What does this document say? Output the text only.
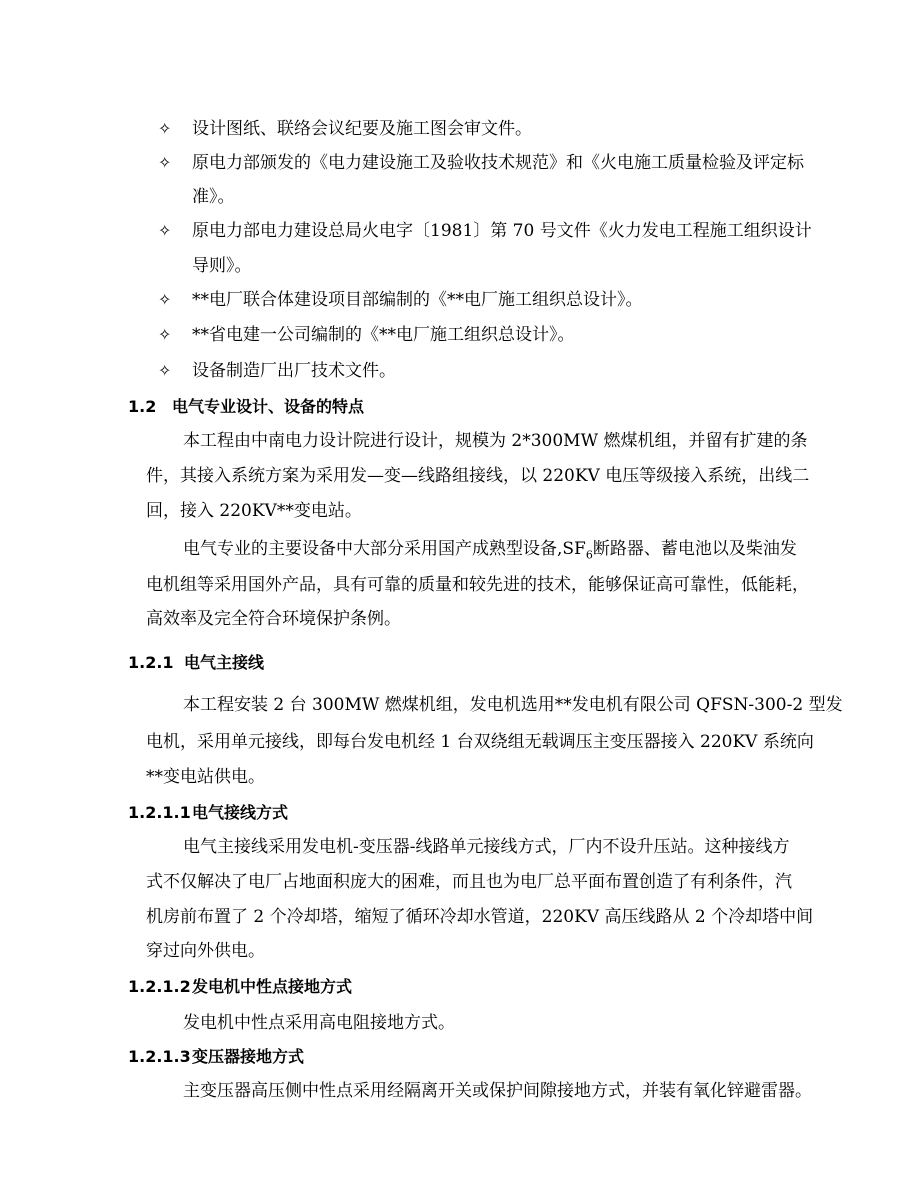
✧ 设计图纸、联络会议纪要及施工图会审文件。
✧ 原电力部颁发的《电力建设施工及验收技术规范》和《火电施工质量检验及评定标
准》。
✧ 原电力部电力建设总局火电字〔1981〕第 70 号文件《火力发电工程施工组织设计
导则》。
✧ **电厂联合体建设项目部编制的《**电厂施工组织总设计》。
✧ **省电建一公司编制的《**电厂施工组织总设计》。
✧ 设备制造厂出厂技术文件。
1.2 电气专业设计、设备的特点
本工程由中南电力设计院进行设计，规模为 2*300MW 燃煤机组，并留有扩建的条
件，其接入系统方案为采用发—变—线路组接线，以 220KV 电压等级接入系统，出线二
回，接入 220KV**变电站。
电气专业的主要设备中大部分采用国产成熟型设备$,SF_6$断路器、蓄电池以及柴油发
电机组等采用国外产品，具有可靠的质量和较先进的技术，能够保证高可靠性，低能耗，
高效率及完全符合环境保护条例。
1.2.1 电气主接线
本工程安装 2 台 300MW 燃煤机组，发电机选用**发电机有限公司 QFSN-300-2 型发
电机，采用单元接线，即每台发电机经 1 台双绕组无载调压主变压器接入 220KV 系统向
**变电站供电。
1.2.1.1电气接线方式
电气主接线采用发电机-变压器-线路单元接线方式，厂内不设升压站。这种接线方
式不仅解决了电厂占地面积庞大的困难，而且也为电厂总平面布置创造了有利条件，汽
机房前布置了 2 个冷却塔，缩短了循环冷却水管道，220KV 高压线路从 2 个冷却塔中间
穿过向外供电。
1.2.1.2发电机中性点接地方式
发电机中性点采用高电阻接地方式。
1.2.1.3变压器接地方式
主变压器高压侧中性点采用经隔离开关或保护间隙接地方式，并装有氧化锌避雷器。
